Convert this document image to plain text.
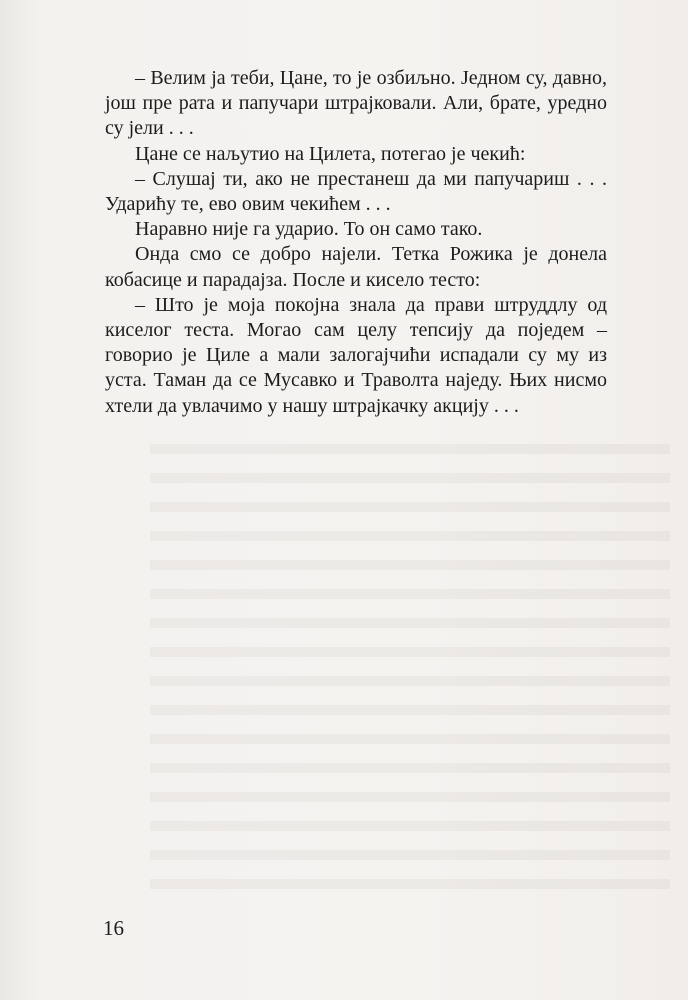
– Велим ја теби, Цане, то је озбиљно. Једном су, давно, још пре рата и папучари штрајковали. Али, брате, уредно су јели . . .

Цане се наљутио на Цилета, потегао је чекић:

– Слушај ти, ако не престанеш да ми папучариш . . . Ударићу те, ево овим чекићем . . .

Наравно није га ударио. То он само тако.

Онда смо се добро најели. Тетка Рожика је донела кобасице и парадајза. После и кисело тесто:

– Што је моја покојна знала да прави штруддлу од киселог теста. Могао сам целу тепсију да поједем – говорио је Циле а мали залогајчићи испадали су му из уста. Таман да се Мусавко и Траволта наједу. Њих нисмо хтели да увлачимо у нашу штрајкачку акцију . . .

16
